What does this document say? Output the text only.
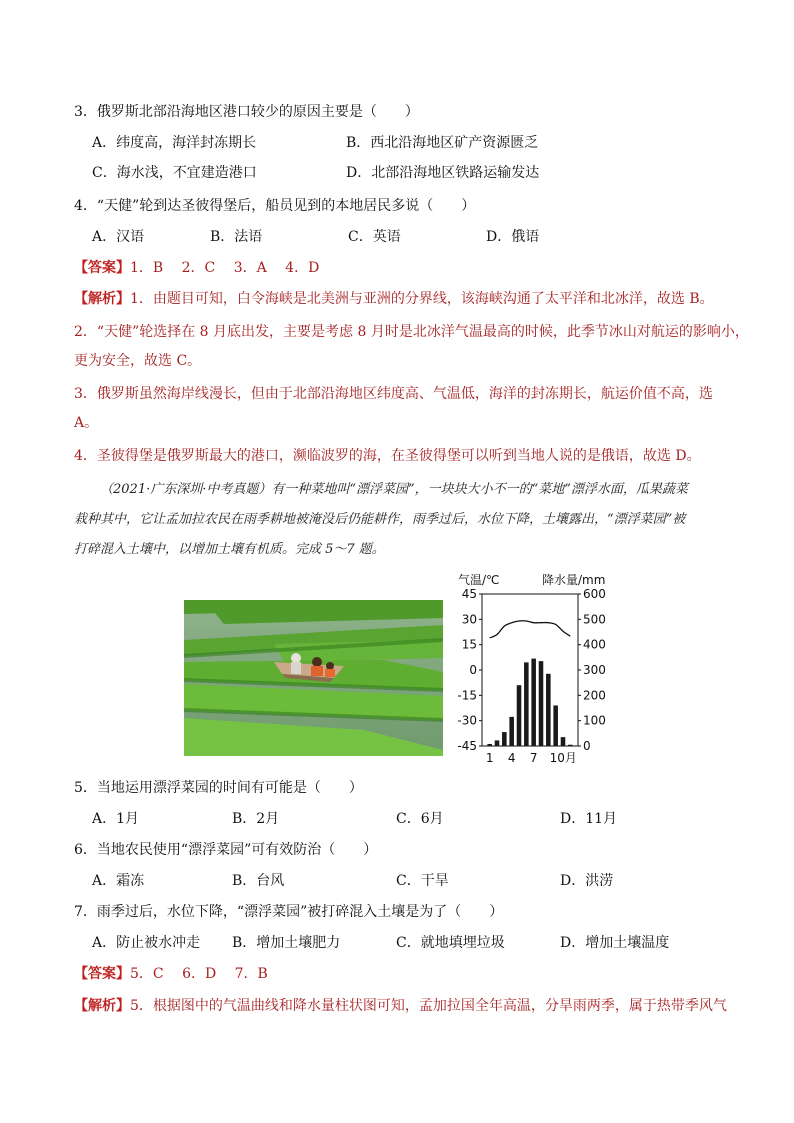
3．俄罗斯北部沿海地区港口较少的原因主要是（　　）
A．纬度高，海洋封冻期长	B．西北沿海地区矿产资源匮乏
C．海水浅，不宜建造港口	D．北部沿海地区铁路运输发达
4．“天健”轮到达圣彼得堡后，船员见到的本地居民多说（　　）
A．汉语	B．法语	C．英语	D．俄语
【答案】1．B　 2．C　 3．A　 4．D
【解析】1．由题目可知，白令海峡是北美洲与亚洲的分界线，该海峡沟通了太平洋和北冰洋，故选 B。
2．“天健”轮选择在 8 月底出发，主要是考虑 8 月时是北冰洋气温最高的时候，此季节冰山对航运的影响小，
更为安全，故选 C。
3．俄罗斯虽然海岸线漫长，但由于北部沿海地区纬度高、气温低，海洋的封冻期长，航运价值不高，选
A。
4．圣彼得堡是俄罗斯最大的港口，濒临波罗的海，在圣彼得堡可以听到当地人说的是俄语，故选 D。
（2021·广东深圳·中考真题）有一种菜地叫“漂浮菜园”，一块块大小不一的“菜地”漂浮水面，瓜果蔬菜
栽种其中，它让孟加拉农民在雨季耕地被淹没后仍能耕作，雨季过后，水位下降，土壤露出，“漂浮菜园”被
打碎混入土壤中，以增加土壤有机质。完成 5～7 题。
气温/℃	降水量/mm
45
30
15
0
-15
-30
-45
600
500
400
300
200
100
0
1 4 7 10月
5．当地运用漂浮菜园的时间有可能是（　　）
A．1月	B．2月	C．6月	D．11月
6．当地农民使用“漂浮菜园”可有效防治（　　）
A．霜冻	B．台风	C．干旱	D．洪涝
7．雨季过后，水位下降，“漂浮菜园”被打碎混入土壤是为了（　　）
A．防止被水冲走 B．增加土壤肥力	C．就地填埋垃圾	D．增加土壤温度
【答案】5．C　 6．D　 7．B
【解析】5．根据图中的气温曲线和降水量柱状图可知，孟加拉国全年高温，分旱雨两季，属于热带季风气
